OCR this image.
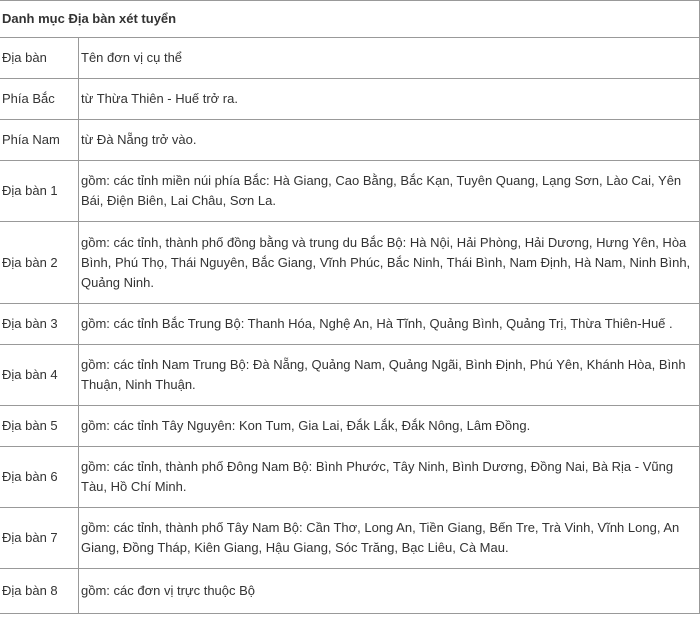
Danh mục Địa bàn xét tuyển	
Địa bàn	Tên đơn vị cụ thể
Phía Bắc	từ Thừa Thiên - Huế trở ra.
Phía Nam	từ Đà Nẵng trở vào.
Địa bàn 1	gồm: các tỉnh miền núi phía Bắc: Hà Giang, Cao Bằng, Bắc Kạn, Tuyên Quang, Lạng Sơn, Lào Cai, Yên Bái, Điện Biên, Lai Châu, Sơn La.
Địa bàn 2	gồm: các tỉnh, thành phố đồng bằng và trung du Bắc Bộ: Hà Nội, Hải Phòng, Hải Dương, Hưng Yên, Hòa Bình, Phú Thọ, Thái Nguyên, Bắc Giang, Vĩnh Phúc, Bắc Ninh, Thái Bình, Nam Định, Hà Nam, Ninh Bình, Quảng Ninh.
Địa bàn 3	gồm: các tỉnh Bắc Trung Bộ: Thanh Hóa, Nghệ An, Hà Tĩnh, Quảng Bình, Quảng Trị, Thừa Thiên-Huế .
Địa bàn 4	gồm: các tỉnh Nam Trung Bộ: Đà Nẵng, Quảng Nam, Quảng Ngãi, Bình Định, Phú Yên, Khánh Hòa, Bình Thuận, Ninh Thuận.
Địa bàn 5	gồm: các tỉnh Tây Nguyên: Kon Tum, Gia Lai, Đắk Lắk, Đắk Nông, Lâm Đồng.
Địa bàn 6	gồm: các tỉnh, thành phố Đông Nam Bộ: Bình Phước, Tây Ninh, Bình Dương, Đồng Nai, Bà Rịa - Vũng Tàu, Hồ Chí Minh.
Địa bàn 7	gồm: các tỉnh, thành phố Tây Nam Bộ: Cần Thơ, Long An, Tiền Giang, Bến Tre, Trà Vinh, Vĩnh Long, An Giang, Đồng Tháp, Kiên Giang, Hậu Giang, Sóc Trăng, Bạc Liêu, Cà Mau.
Địa bàn 8	gồm: các đơn vị trực thuộc Bộ
